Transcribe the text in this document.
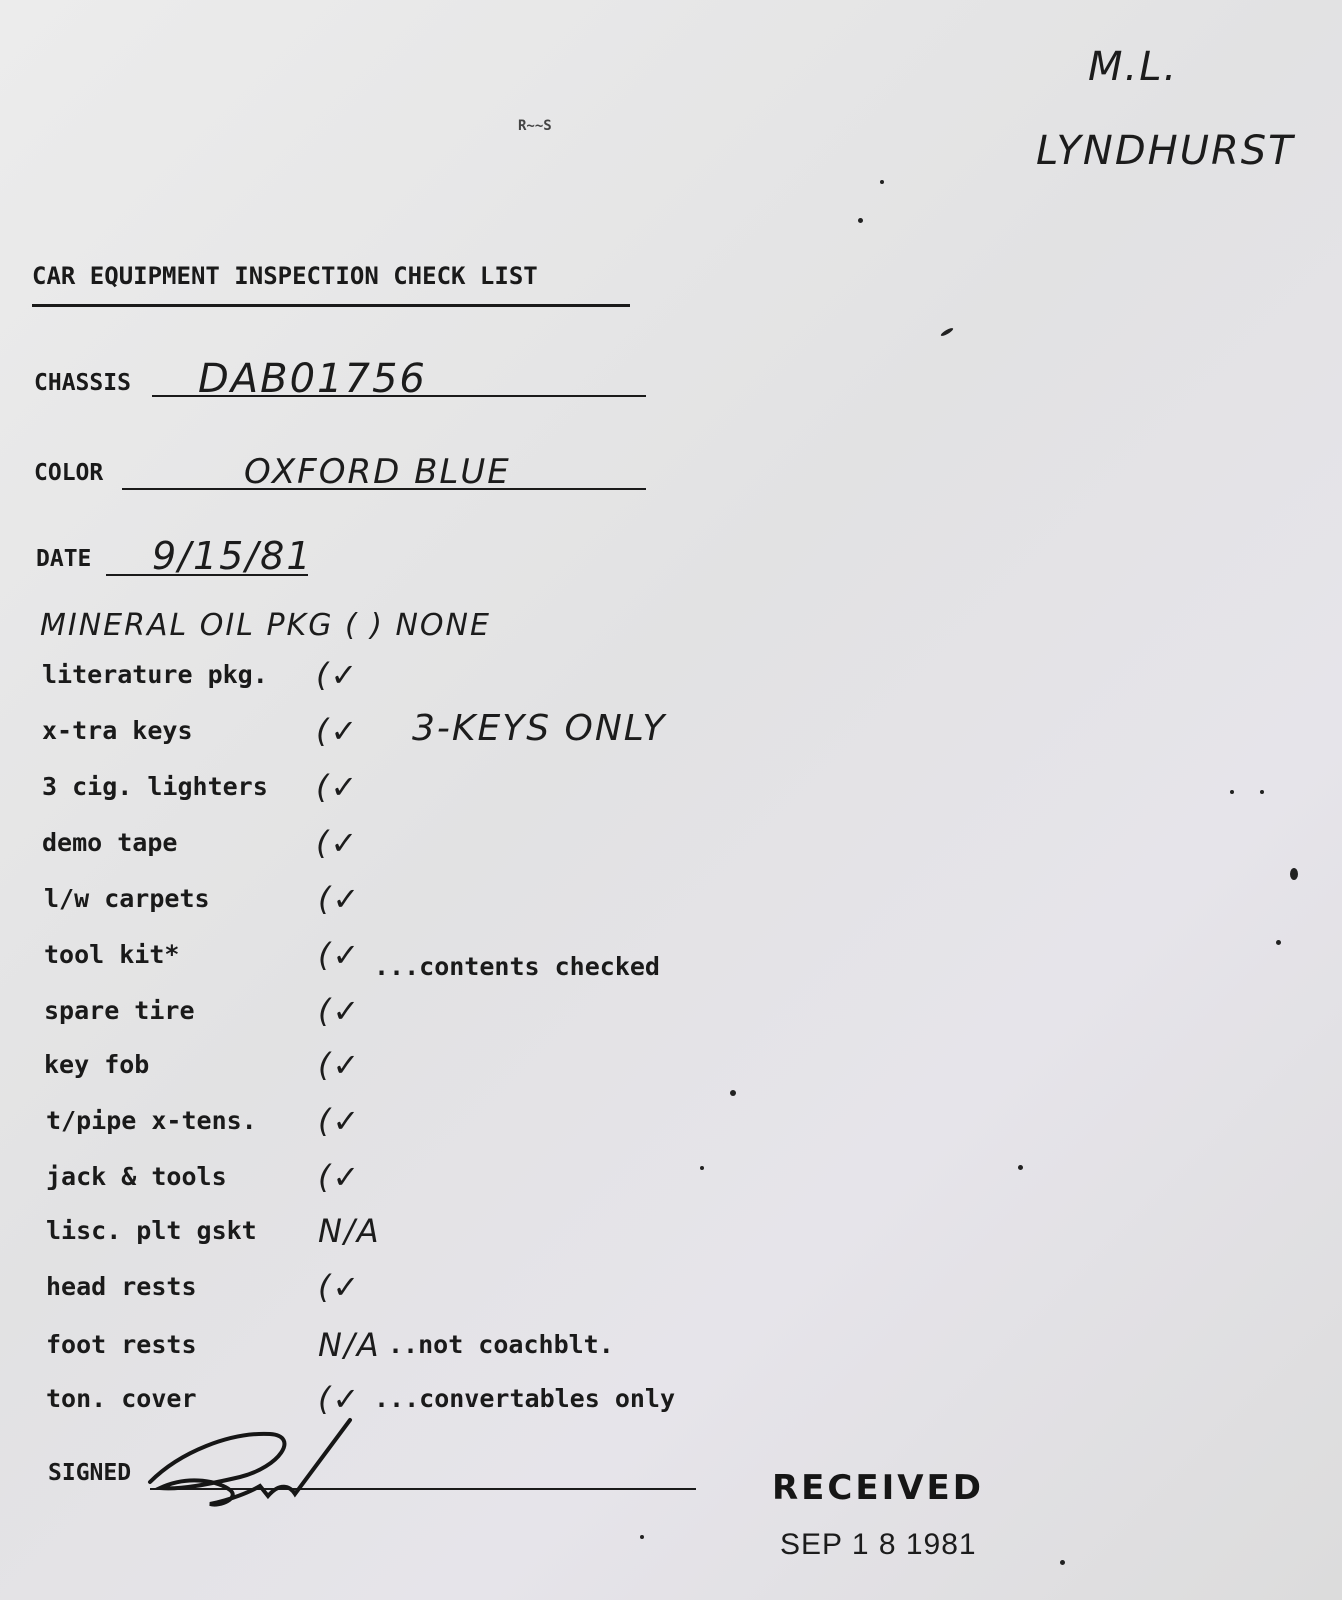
M.L.
LYNDHURST
R~~S
CAR EQUIPMENT INSPECTION CHECK LIST
CHASSIS DAB01756
COLOR	OXFORD BLUE
DATE 9/15/81
MINERAL OIL PKG ( ) NONE
literature pkg. (✓
x-tra keys	(✓ 3-KEYS ONLY
3 cig. lighters (✓
demo tape	(✓
l/w carpets	(✓
tool kit*	(✓ ...contents checked
spare tire	(✓
key fob	(✓
t/pipe x-tens. (✓
jack & tools	(✓
lisc. plt gskt N/A
head rests	(✓
foot rests	N/A ..not coachblt.
ton. cover	(✓ ...convertables only
SIGNED	RECEIVED
SEP 1 8 1981
